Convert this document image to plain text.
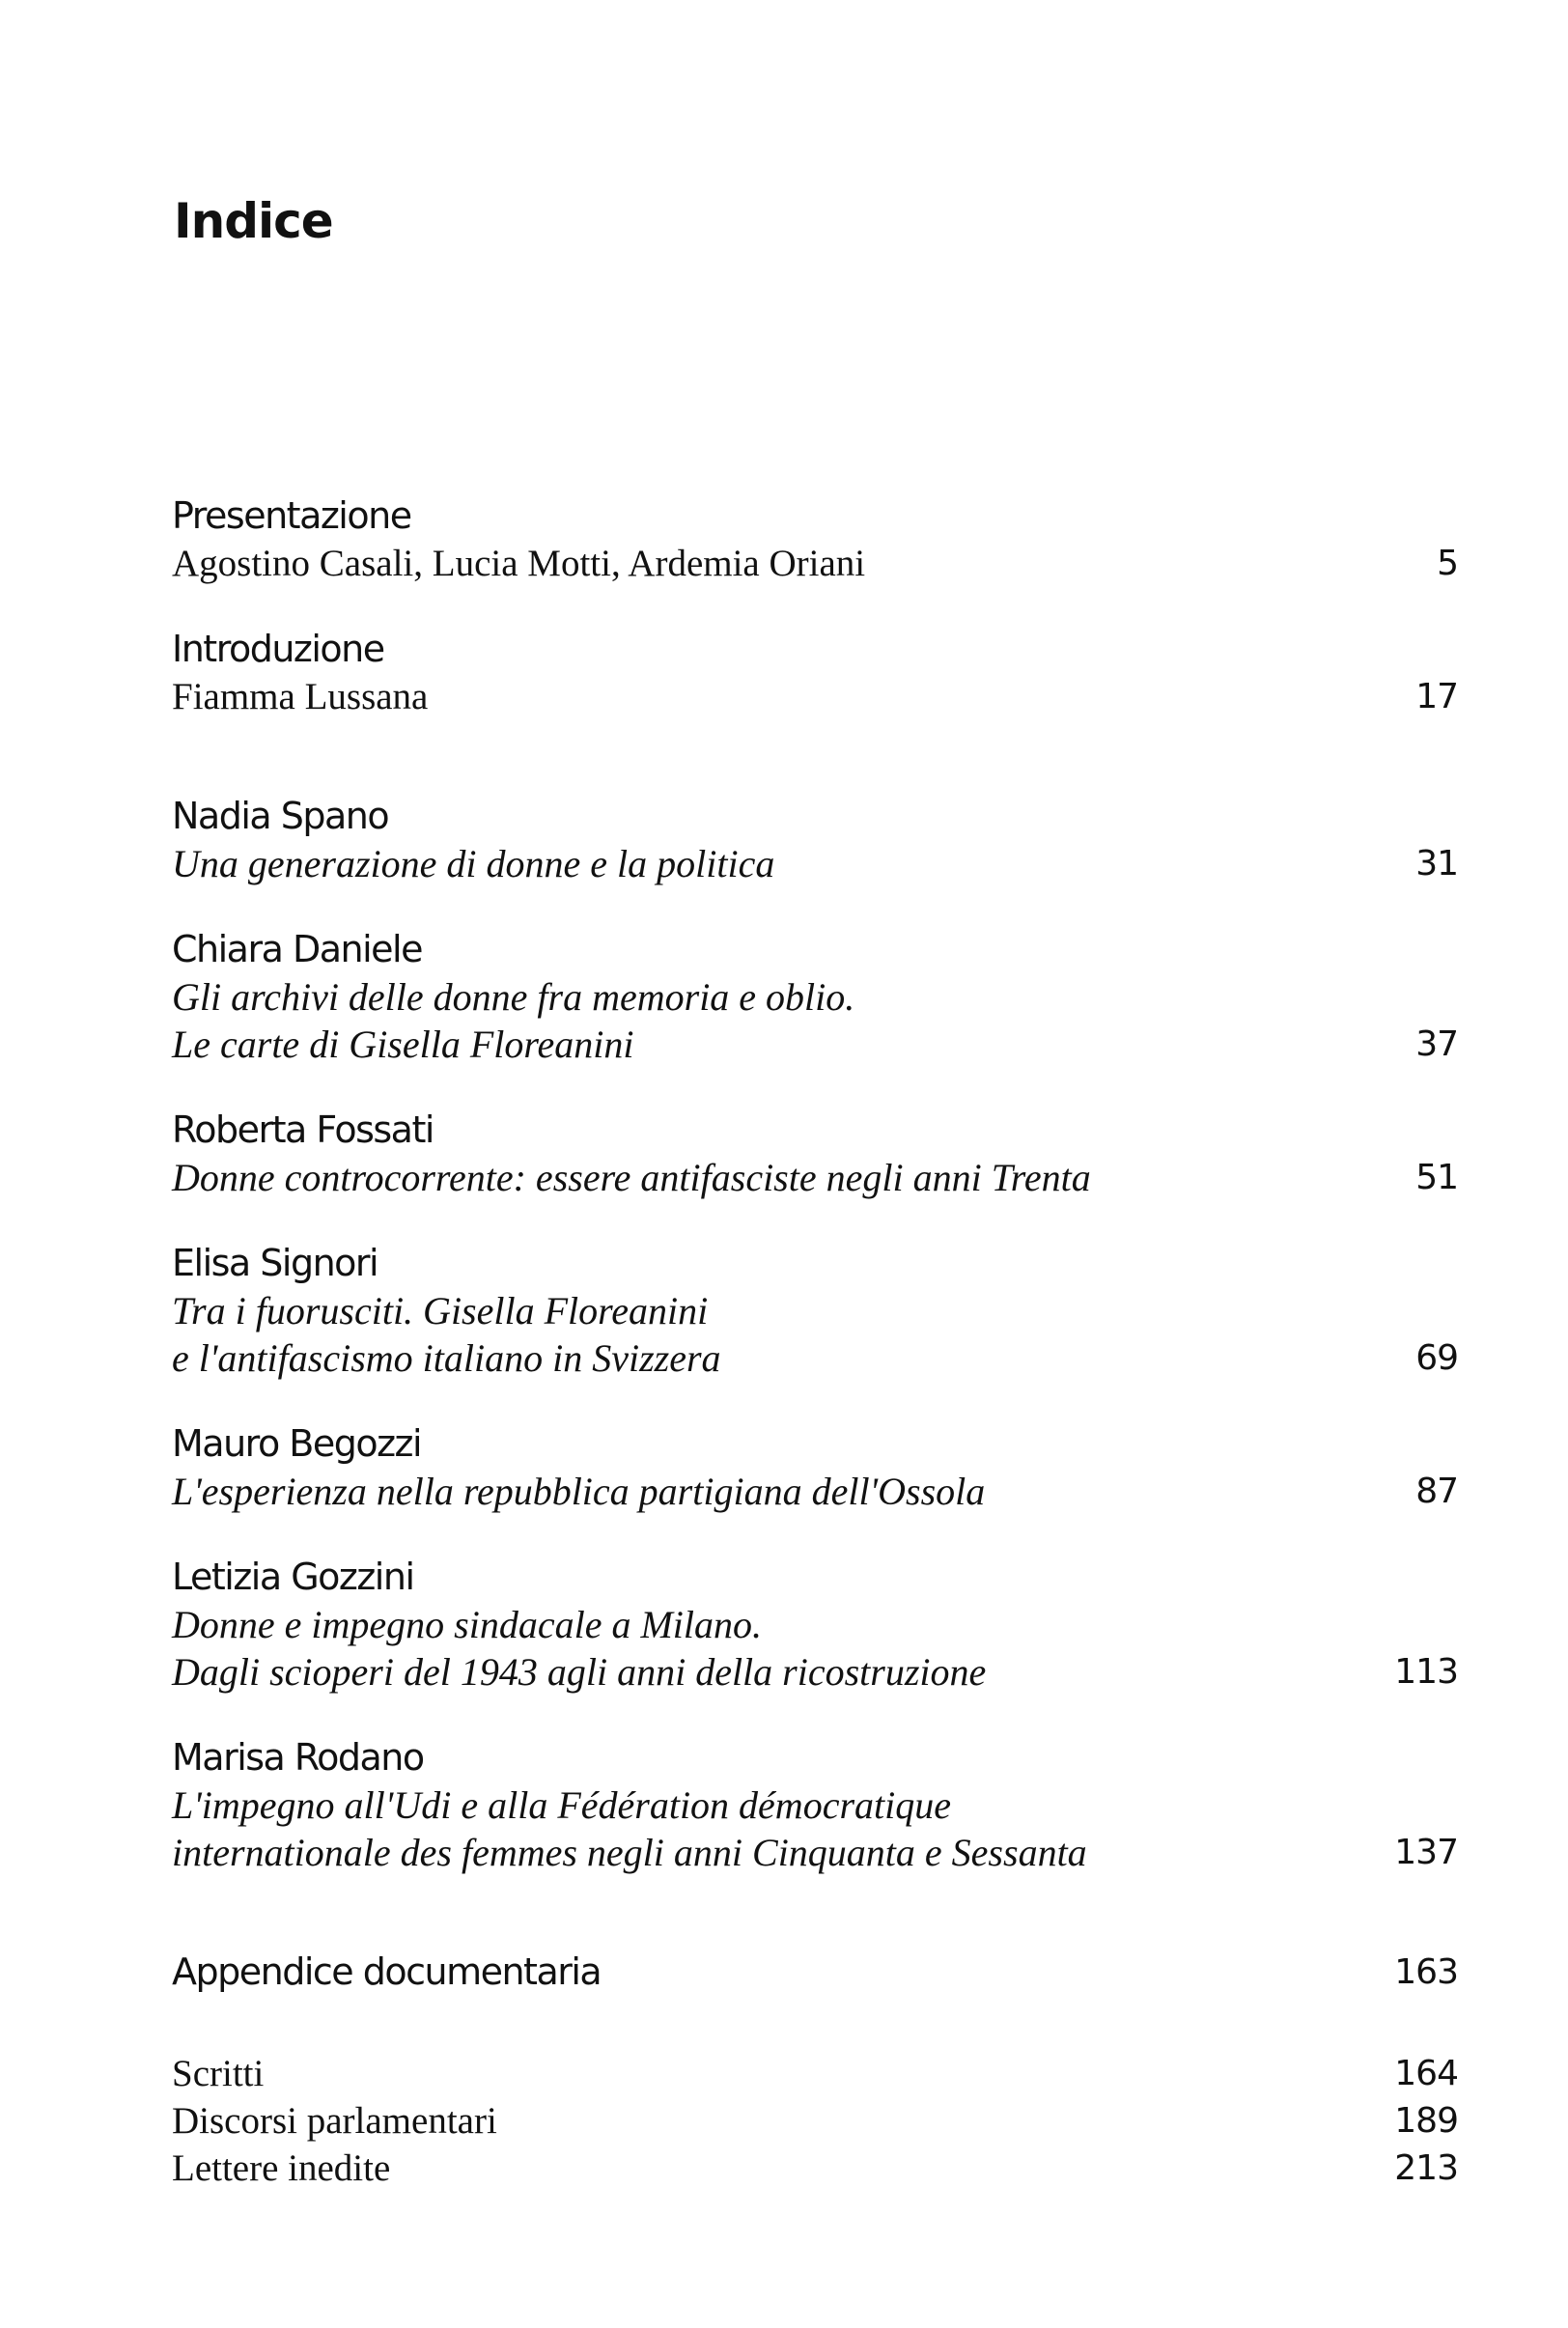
Indice
Presentazione
Agostino Casali, Lucia Motti, Ardemia Oriani	5
Introduzione
Fiamma Lussana	17
Nadia Spano
Una generazione di donne e la politica	31
Chiara Daniele
Gli archivi delle donne fra memoria e oblio.
Le carte di Gisella Floreanini	37
Roberta Fossati
Donne controcorrente: essere antifasciste negli anni Trenta	51
Elisa Signori
Tra i fuorusciti. Gisella Floreanini
e l'antifascismo italiano in Svizzera	69
Mauro Begozzi
L'esperienza nella repubblica partigiana dell'Ossola	87
Letizia Gozzini
Donne e impegno sindacale a Milano.
Dagli scioperi del 1943 agli anni della ricostruzione	113
Marisa Rodano
L'impegno all'Udi e alla Fédération démocratique
internationale des femmes negli anni Cinquanta e Sessanta	137
Appendice documentaria	163
Scritti	164
Discorsi parlamentari	189
Lettere inedite	213
